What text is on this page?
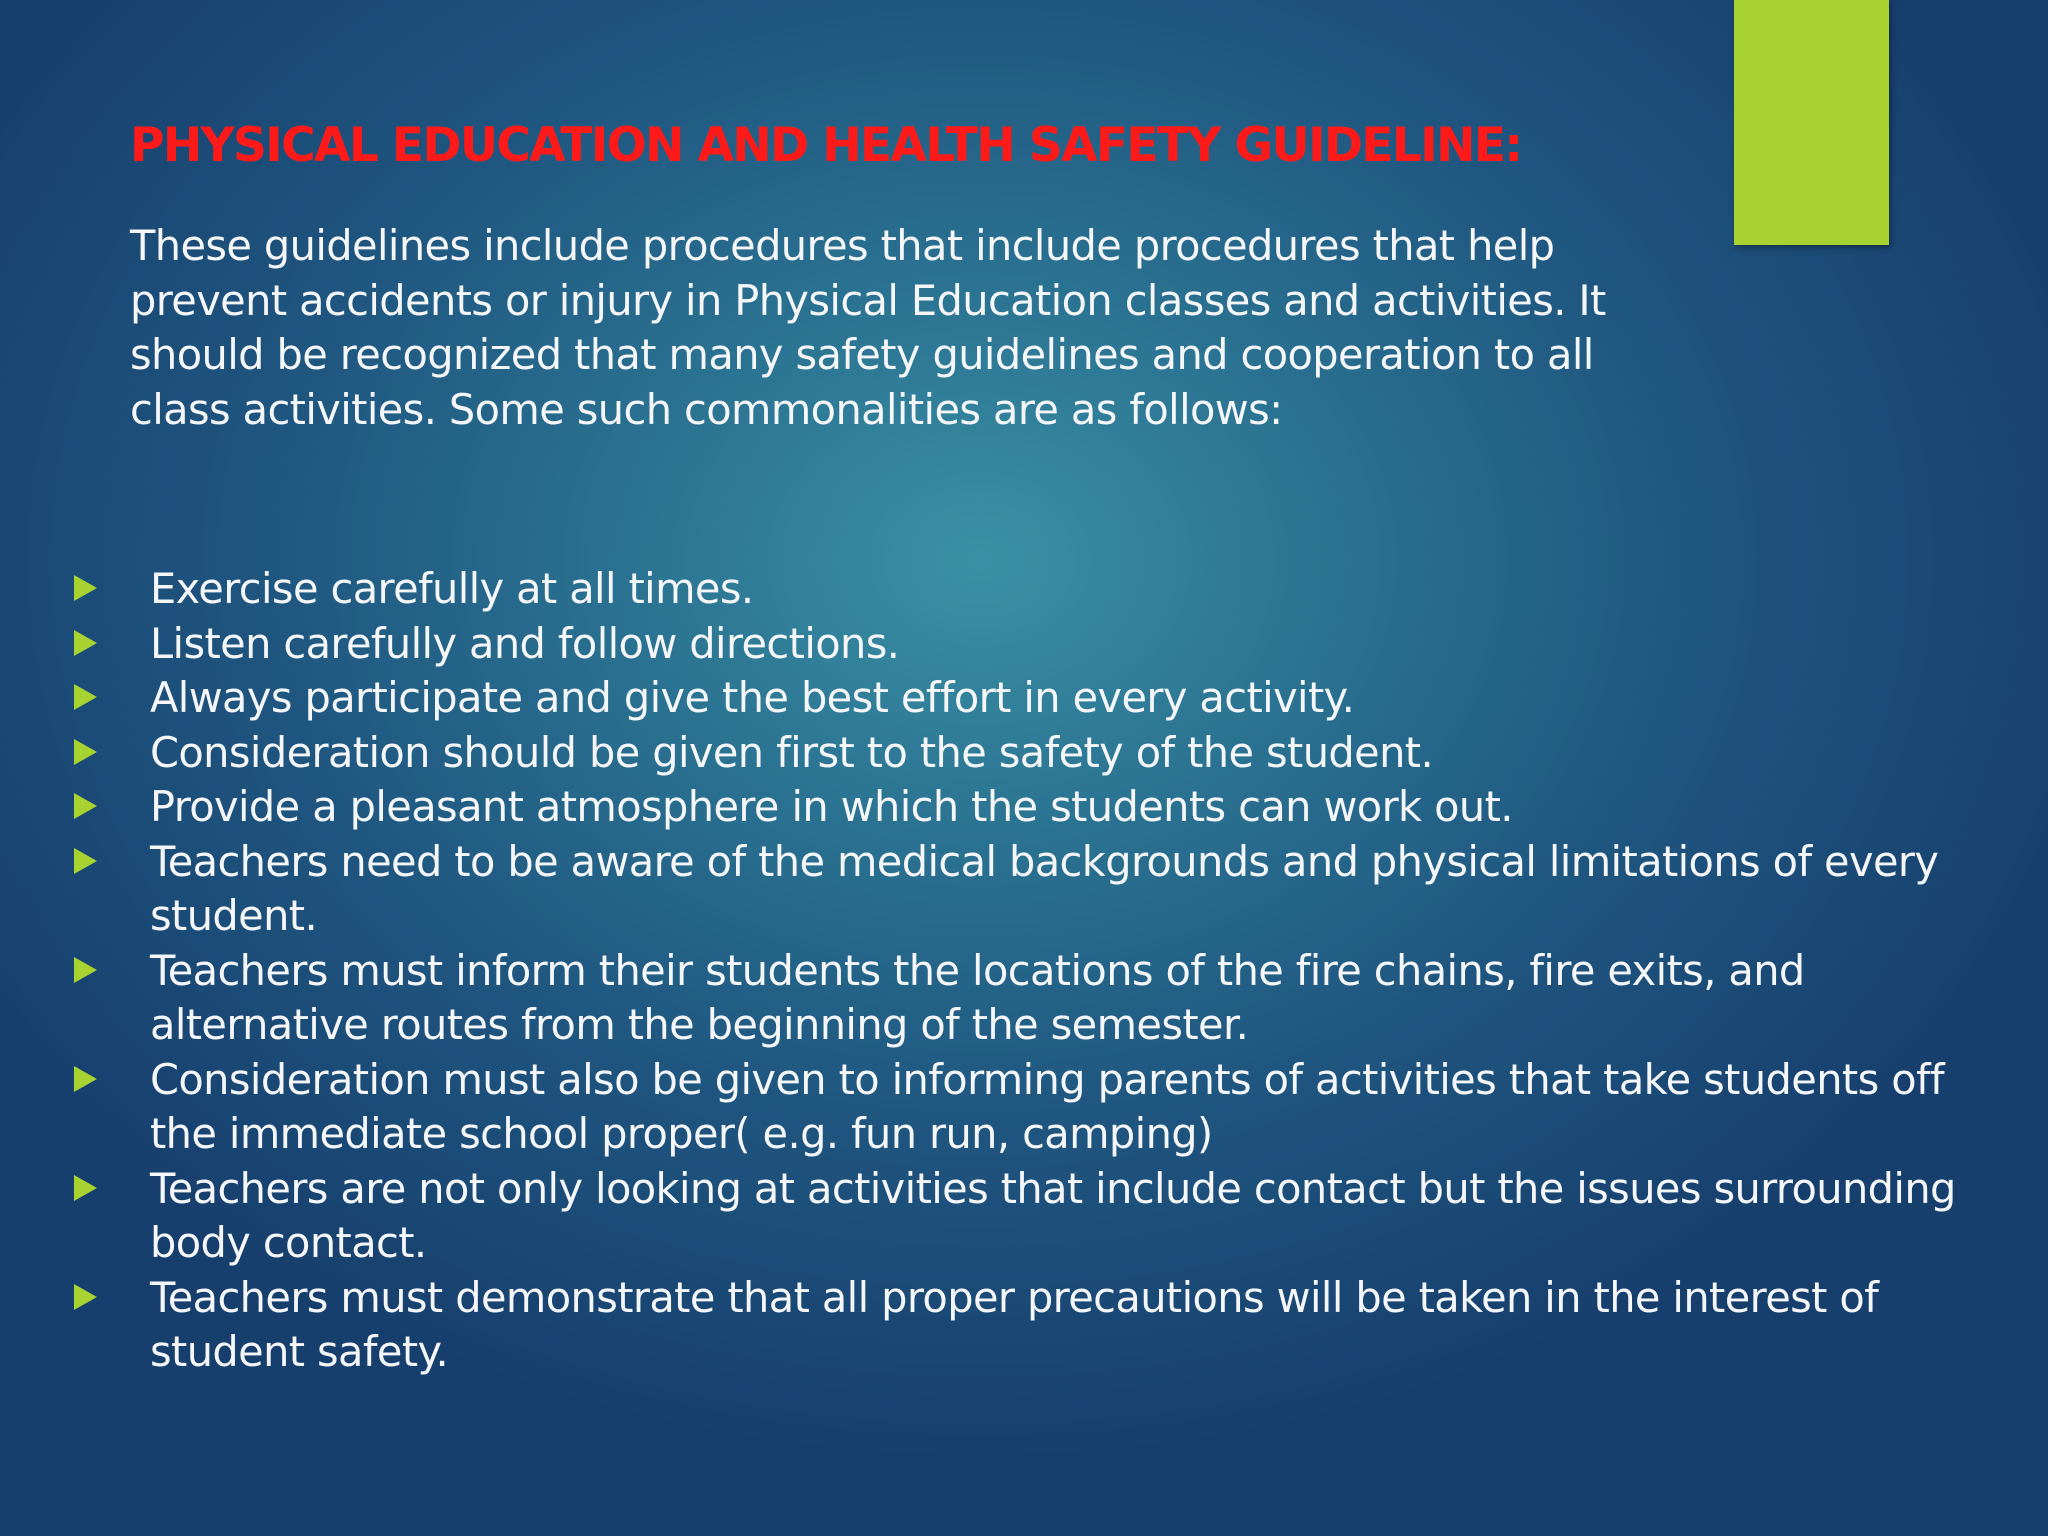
PHYSICAL EDUCATION AND HEALTH SAFETY GUIDELINE:

These guidelines include procedures that include procedures that help prevent accidents or injury in Physical Education classes and activities. It should be recognized that many safety guidelines and cooperation to all class activities. Some such commonalities are as follows:

Exercise carefully at all times.
Listen carefully and follow directions.
Always participate and give the best effort in every activity.
Consideration should be given first to the safety of the student.
Provide a pleasant atmosphere in which the students can work out.
Teachers need to be aware of the medical backgrounds and physical limitations of every student.
Teachers must inform their students the locations of the fire chains, fire exits, and alternative routes from the beginning of the semester.
Consideration must also be given to informing parents of activities that take students off the immediate school proper( e.g. fun run, camping)
Teachers are not only looking at activities that include contact but the issues surrounding body contact.
Teachers must demonstrate that all proper precautions will be taken in the interest of student safety.
